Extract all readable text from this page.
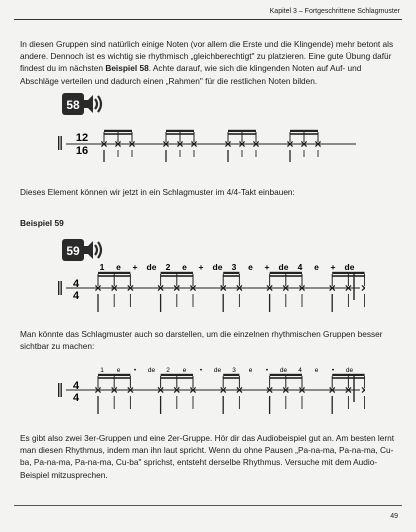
Kapitel 3 – Fortgeschrittene Schlagmuster

In diesen Gruppen sind natürlich einige Noten (vor allem die Erste und die Klingende) mehr betont als andere. Dennoch ist es wichtig sie rhythmisch „gleichberechtigt" zu platzieren. Eine gute Übung dafür findest du im nächsten Beispiel 58. Achte darauf, wie sich die klingenden Noten auf Auf- und Abschläge verteilen und dadurch einen „Rahmen" für die restlichen Noten bilden.

58
12
16

Dieses Element können wir jetzt in ein Schlagmuster im 4/4-Takt einbauen:

Beispiel 59
59
1 e + de 2 e + de 3 e + de 4 e + de
4
4

Man könnte das Schlagmuster auch so darstellen, um die einzelnen rhythmischen Gruppen besser sichtbar zu machen:

1 e • de 2 e • de 3 e • de 4 e • de
4
4

Es gibt also zwei 3er-Gruppen und eine 2er-Gruppe. Hör dir das Audiobeispiel gut an. Am besten lernt man diesen Rhythmus, indem man ihn laut spricht. Wenn du ohne Pausen „Pa-na-ma, Pa-na-ma, Cu-ba, Pa-na-ma, Pa-na-ma, Cu-ba" sprichst, entsteht derselbe Rhythmus. Versuche mit dem Audio-Beispiel mitzusprechen.

49
